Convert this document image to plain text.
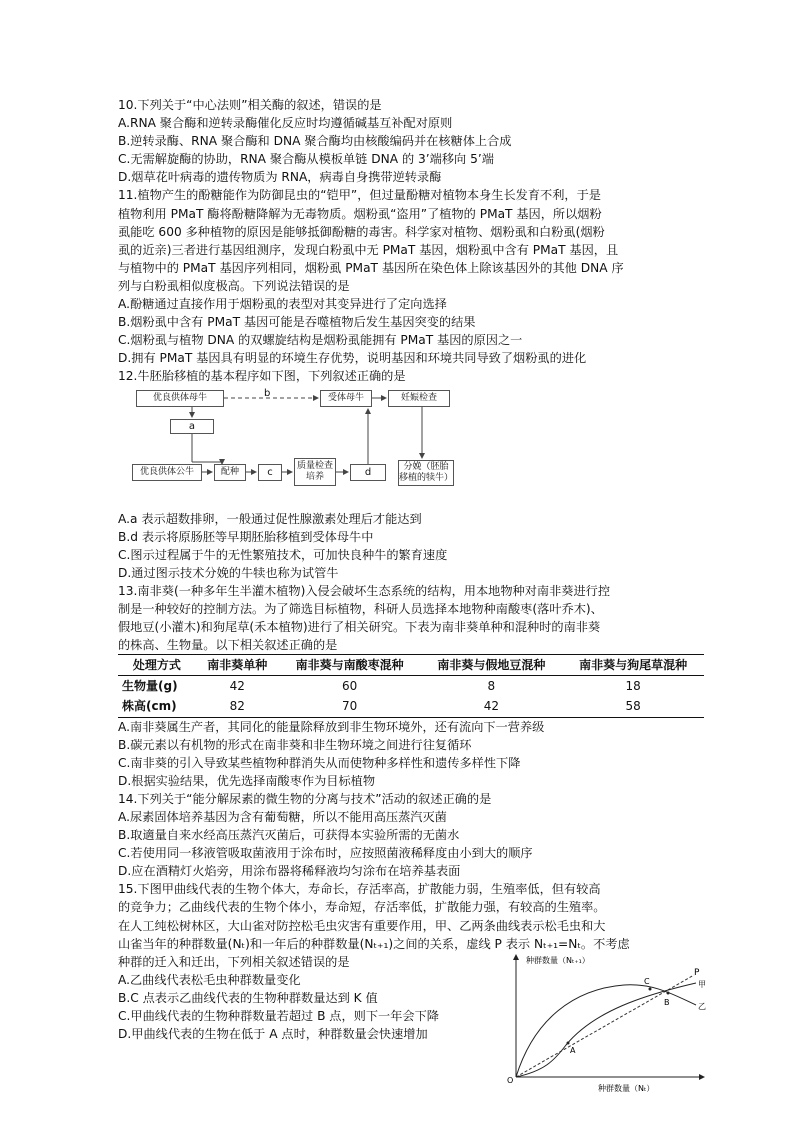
10.下列关于“中心法则”相关酶的叙述，错误的是
A.RNA 聚合酶和逆转录酶催化反应时均遵循碱基互补配对原则
B.逆转录酶、RNA 聚合酶和 DNA 聚合酶均由核酸编码并在核糖体上合成
C.无需解旋酶的协助，RNA 聚合酶从模板单链 DNA 的 3’端移向 5’端
D.烟草花叶病毒的遗传物质为 RNA，病毒自身携带逆转录酶
11.植物产生的酚糖能作为防御昆虫的“铠甲”，但过量酚糖对植物本身生长发育不利，于是
植物利用 PMaT 酶将酚糖降解为无毒物质。烟粉虱“盗用”了植物的 PMaT 基因，所以烟粉
虱能吃 600 多种植物的原因是能够抵御酚糖的毒害。科学家对植物、烟粉虱和白粉虱(烟粉
虱的近亲)三者进行基因组测序，发现白粉虱中无 PMaT 基因，烟粉虱中含有 PMaT 基因，且
与植物中的 PMaT 基因序列相同，烟粉虱 PMaT 基因所在染色体上除该基因外的其他 DNA 序
列与白粉虱相似度极高。下列说法错误的是
A.酚糖通过直接作用于烟粉虱的表型对其变异进行了定向选择
B.烟粉虱中含有 PMaT 基因可能是吞噬植物后发生基因突变的结果
C.烟粉虱与植物 DNA 的双螺旋结构是烟粉虱能拥有 PMaT 基因的原因之一
D.拥有 PMaT 基因具有明显的环境生存优势，说明基因和环境共同导致了烟粉虱的进化
12.牛胚胎移植的基本程序如下图，下列叙述正确的是
优良供体母牛	b	受体母牛	妊娠检查
a
优良供体公牛	配种	c
质量检查 培养	d	分娩（胚胎 移植的犊牛）
A.a 表示超数排卵，一般通过促性腺激素处理后才能达到
B.d 表示将原肠胚等早期胚胎移植到受体母牛中
C.图示过程属于牛的无性繁殖技术，可加快良种牛的繁育速度
D.通过图示技术分娩的牛犊也称为试管牛
13.南非葵(一种多年生半灌木植物)入侵会破坏生态系统的结构，用本地物种对南非葵进行控
制是一种较好的控制方法。为了筛选目标植物，科研人员选择本地物种南酸枣(落叶乔木)、
假地豆(小灌木)和狗尾草(禾本植物)进行了相关研究。下表为南非葵单种和混种时的南非葵
的株高、生物量。以下相关叙述正确的是
处理方式	南非葵单种	南非葵与南酸枣混种	南非葵与假地豆混种	南非葵与狗尾草混种
生物量(g)	42	60	8	18
株高(cm)	82	70	42	58
A.南非葵属生产者，其同化的能量除释放到非生物环境外，还有流向下一营养级
B.碳元素以有机物的形式在南非葵和非生物环境之间进行往复循环
C.南非葵的引入导致某些植物种群消失从而使物种多样性和遗传多样性下降
D.根据实验结果，优先选择南酸枣作为目标植物
14.下列关于“能分解尿素的微生物的分离与技术”活动的叙述正确的是
A.尿素固体培养基因为含有葡萄糖，所以不能用高压蒸汽灭菌
B.取適量自来水经高压蒸汽灭菌后，可获得本实验所需的无菌水
C.若使用同一移液管吸取菌液用于涂布时，应按照菌液稀释度由小到大的顺序
D.应在酒精灯火焰旁，用涂布器将稀释液均匀涂布在培养基表面
15.下图甲曲线代表的生物个体大，寿命长，存活率高，扩散能力弱，生殖率低，但有较高
的竞争力；乙曲线代表的生物个体小，寿命短，存活率低，扩散能力强，有较高的生殖率。
在人工纯松树林区，大山雀对防控松毛虫灾害有重要作用，甲、乙两条曲线表示松毛虫和大
山雀当年的种群数量(Nₜ)和一年后的种群数量(Nₜ₊₁)之间的关系，虚线 P 表示 Nₜ₊₁=Nₜ。不考虑
种群的迁入和迁出，下列相关叙述错误的是
A.乙曲线代表松毛虫种群数量变化
B.C 点表示乙曲线代表的生物种群数量达到 K 值
C.甲曲线代表的生物种群数量若超过 B 点，则下一年会下降
D.甲曲线代表的生物在低于 A 点时，种群数量会快速增加
种群数量（Nₜ₊₁）
种群数量（Nₜ）
O
P
甲
乙
A
B
C
